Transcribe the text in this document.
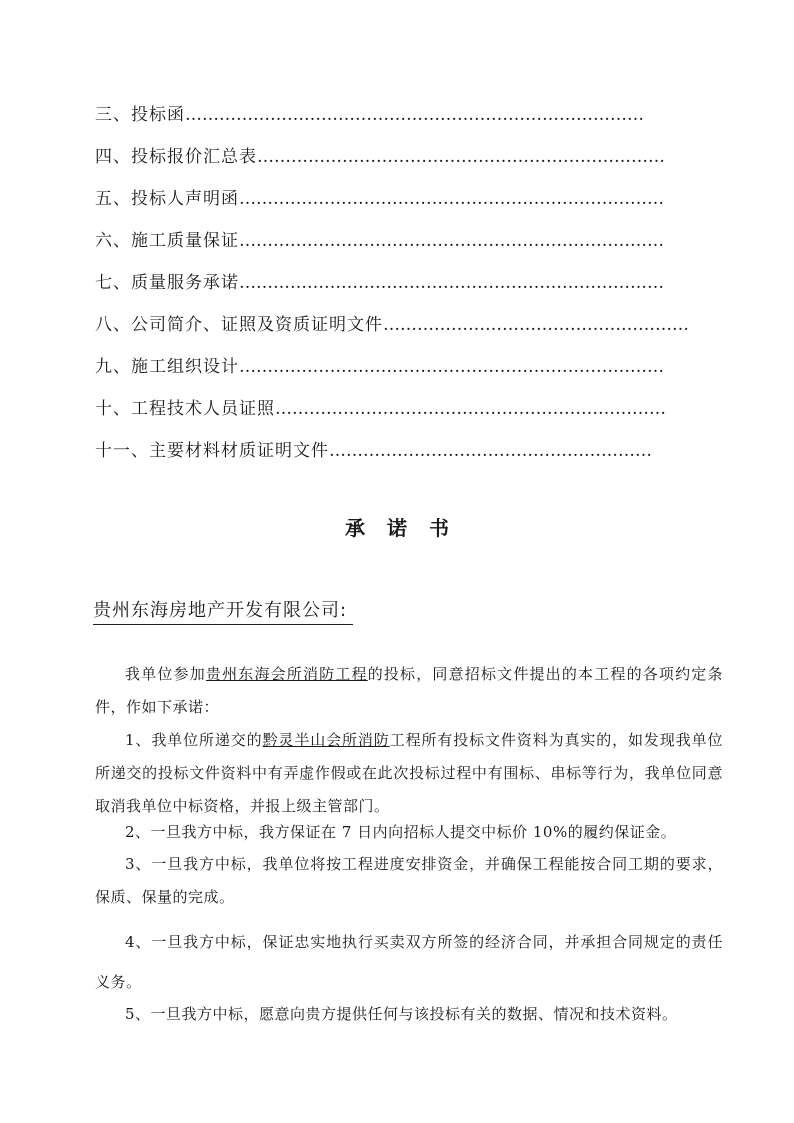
三、投标函………………………………………………………………………
四、投标报价汇总表………………………………………………………………
五、投标人声明函…………………………………………………………………
六、施工质量保证…………………………………………………………………
七、质量服务承诺…………………………………………………………………
八、公司简介、证照及资质证明文件………………………………………………
九、施工组织设计…………………………………………………………………
十、工程技术人员证照……………………………………………………………
十一、主要材料材质证明文件…………………………………………………
承诺书
贵州东海房地产开发有限公司:
我单位参加贵州东海会所消防工程的投标，同意招标文件提出的本工程的各项约定条件，作如下承诺：
1、我单位所递交的黔灵半山会所消防工程所有投标文件资料为真实的，如发现我单位所递交的投标文件资料中有弄虚作假或在此次投标过程中有围标、串标等行为，我单位同意取消我单位中标资格，并报上级主管部门。
2、一旦我方中标，我方保证在 7 日内向招标人提交中标价 10%的履约保证金。
3、一旦我方中标，我单位将按工程进度安排资金，并确保工程能按合同工期的要求，保质、保量的完成。
4、一旦我方中标，保证忠实地执行买卖双方所签的经济合同，并承担合同规定的责任义务。
5、一旦我方中标，愿意向贵方提供任何与该投标有关的数据、情况和技术资料。
